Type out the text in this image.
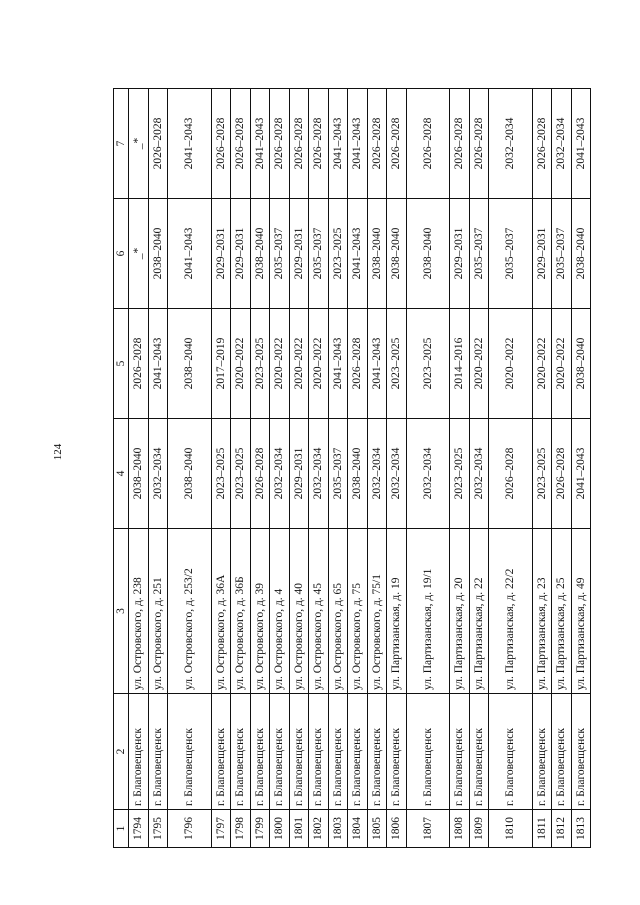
124
1	2	3	4	5	6	7
1794	г. Благовещенск	ул. Островского, д. 238	2038–2040	2026–2028	_*	_*
1795	г. Благовещенск	ул. Островского, д. 251	2032–2034	2041–2043	2038–2040	2026–2028
1796	г. Благовещенск	ул. Островского, д. 253/2	2038–2040	2038–2040	2041–2043	2041–2043
1797	г. Благовещенск	ул. Островского, д. 36А	2023–2025	2017–2019	2029–2031	2026–2028
1798	г. Благовещенск	ул. Островского, д. 36Б	2023–2025	2020–2022	2029–2031	2026–2028
1799	г. Благовещенск	ул. Островского, д. 39	2026–2028	2023–2025	2038–2040	2041–2043
1800	г. Благовещенск	ул. Островского, д. 4	2032–2034	2020–2022	2035–2037	2026–2028
1801	г. Благовещенск	ул. Островского, д. 40	2029–2031	2020–2022	2029–2031	2026–2028
1802	г. Благовещенск	ул. Островского, д. 45	2032–2034	2020–2022	2035–2037	2026–2028
1803	г. Благовещенск	ул. Островского, д. 65	2035–2037	2041–2043	2023–2025	2041–2043
1804	г. Благовещенск	ул. Островского, д. 75	2038–2040	2026–2028	2041–2043	2041–2043
1805	г. Благовещенск	ул. Островского, д. 75/1	2032–2034	2041–2043	2038–2040	2026–2028
1806	г. Благовещенск	ул. Партизанская, д. 19	2032–2034	2023–2025	2038–2040	2026–2028
1807	г. Благовещенск	ул. Партизанская, д. 19/1	2032–2034	2023–2025	2038–2040	2026–2028
1808	г. Благовещенск	ул. Партизанская, д. 20	2023–2025	2014–2016	2029–2031	2026–2028
1809	г. Благовещенск	ул. Партизанская, д. 22	2032–2034	2020–2022	2035–2037	2026–2028
1810	г. Благовещенск	ул. Партизанская, д. 22/2	2026–2028	2020–2022	2035–2037	2032–2034
1811	г. Благовещенск	ул. Партизанская, д. 23	2023–2025	2020–2022	2029–2031	2026–2028
1812	г. Благовещенск	ул. Партизанская, д. 25	2026–2028	2020–2022	2035–2037	2032–2034
1813	г. Благовещенск	ул. Партизанская, д. 49	2041–2043	2038–2040	2038–2040	2041–2043
